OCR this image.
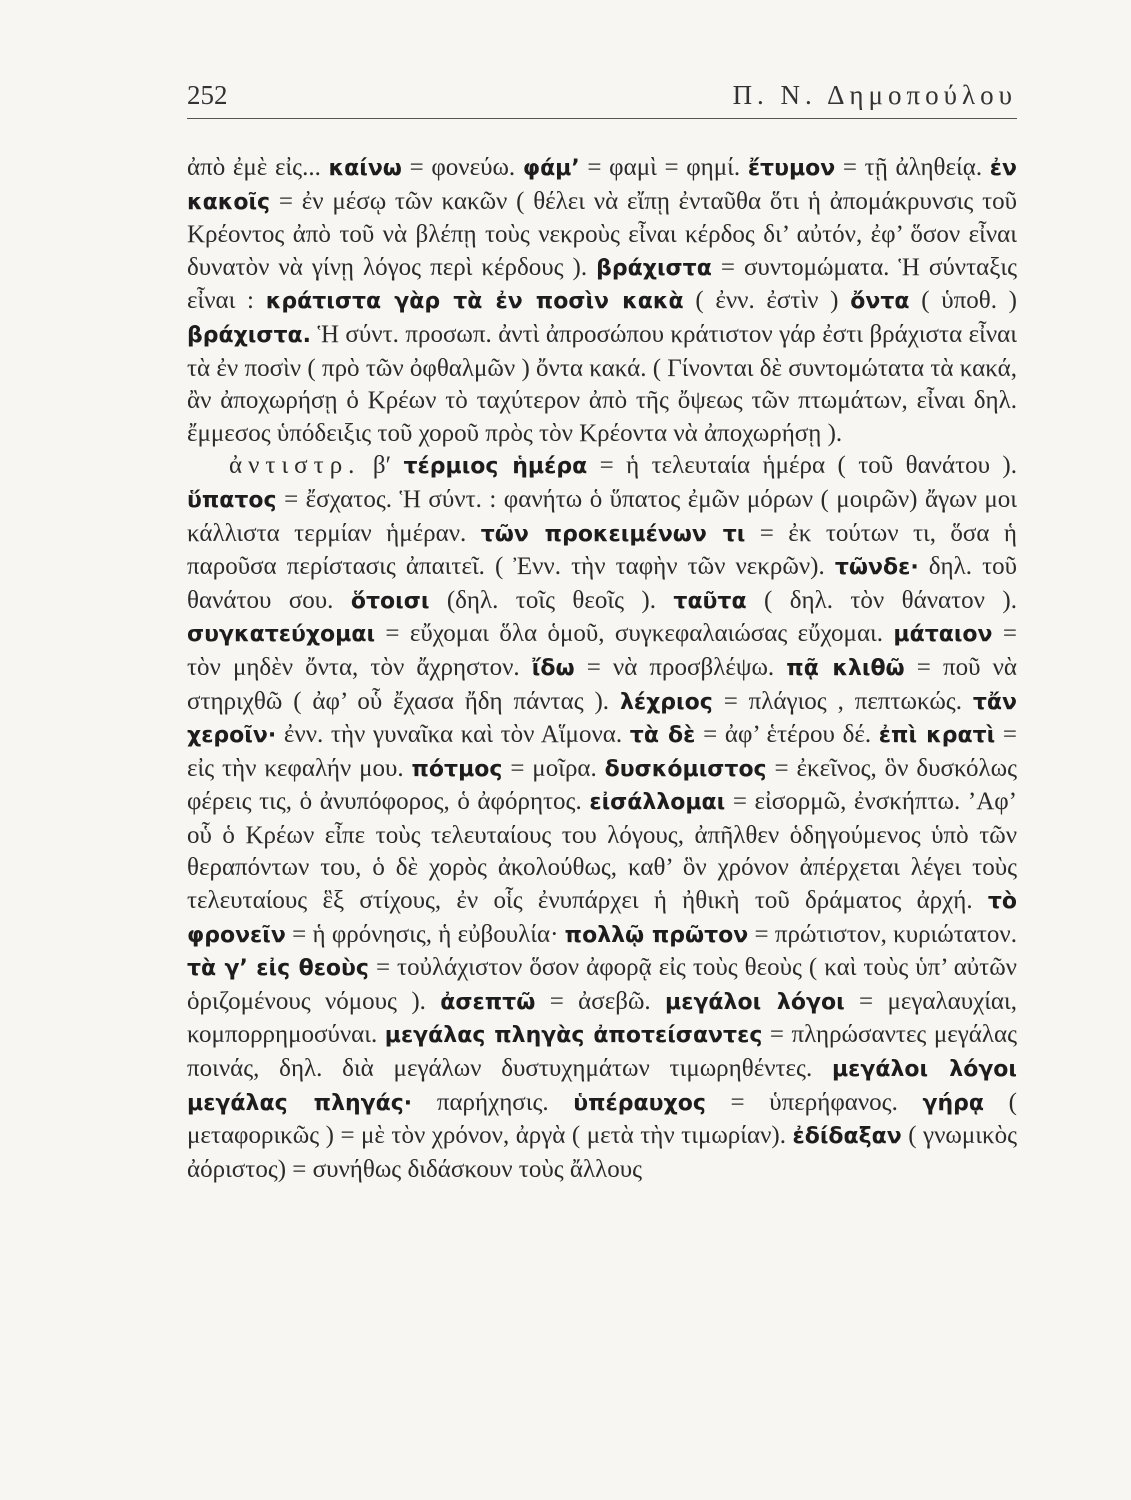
252	Π. Ν. Δημοπούλου

ἀπὸ ἐμὲ εἰς... καίνω = φονεύω. φάμ’ = φαμὶ = φημί. ἔτυμον = τῇ ἀληθείᾳ. ἐν κακοῖς = ἐν μέσῳ τῶν κακῶν ( θέλει νὰ εἴπῃ ἐνταῦθα ὅτι ἡ ἀπομάκρυνσις τοῦ Κρέοντος ἀπὸ τοῦ νὰ βλέπῃ τοὺς νεκροὺς εἶναι κέρδος δι’ αὐτόν, ἐφ’ ὅσον εἶναι δυνατὸν νὰ γίνῃ λόγος περὶ κέρδους ). βράχιστα = συντομώματα. Ἡ σύνταξις εἶναι : κράτιστα γὰρ τὰ ἐν ποσὶν κακὰ ( ἐνν. ἐστὶν ) ὄντα ( ὑποθ. ) βράχιστα. Ἡ σύντ. προσωπ. ἀντὶ ἀπροσώπου κράτιστον γάρ ἐστι βράχιστα εἶναι τὰ ἐν ποσὶν ( πρὸ τῶν ὀφθαλμῶν ) ὄντα κακά. ( Γίνονται δὲ συντομώτατα τὰ κακά, ἂν ἀποχωρήσῃ ὁ Κρέων τὸ ταχύτερον ἀπὸ τῆς ὄψεως τῶν πτωμάτων, εἶναι δηλ. ἔμμεσος ὑπόδειξις τοῦ χοροῦ πρὸς τὸν Κρέοντα νὰ ἀποχωρήσῃ ).

ἀντιστρ. β′ τέρμιος ἡμέρα = ἡ τελευταία ἡμέρα ( τοῦ θανάτου ). ὕπατος = ἔσχατος. Ἡ σύντ. : φανήτω ὁ ὕπατος ἐμῶν μόρων ( μοιρῶν) ἄγων μοι κάλλιστα τερμίαν ἡμέραν. τῶν προκειμένων τι = ἐκ τούτων τι, ὅσα ἡ παροῦσα περίστασις ἀπαιτεῖ. ( Ἐνν. τὴν ταφὴν τῶν νεκρῶν). τῶνδε· δηλ. τοῦ θανάτου σου. ὅτοισι (δηλ. τοῖς θεοῖς ). ταῦτα ( δηλ. τὸν θάνατον ). συγκατεύχομαι = εὔχομαι ὅλα ὁμοῦ, συγκεφαλαιώσας εὔχομαι. μάταιον = τὸν μηδὲν ὄντα, τὸν ἄχρηστον. ἴδω = νὰ προσβλέψω. πᾷ κλιθῶ = ποῦ νὰ στηριχθῶ ( ἀφ’ οὗ ἔχασα ἤδη πάντας ). λέχριος = πλάγιος , πεπτωκώς. τἄν χεροῖν· ἐνν. τὴν γυναῖκα καὶ τὸν Αἵμονα. τὰ δὲ = ἀφ’ ἑτέρου δέ. ἐπὶ κρατὶ = εἰς τὴν κεφαλήν μου. πότμος = μοῖρα. δυσκόμιστος = ἐκεῖνος, ὃν δυσκόλως φέρεις τις, ὁ ἀνυπόφορος, ὁ ἀφόρητος. εἰσάλλομαι = εἰσορμῶ, ἐνσκήπτω. ’Αφ’ οὗ ὁ Κρέων εἶπε τοὺς τελευταίους του λόγους, ἀπῆλθεν ὁδηγούμενος ὑπὸ τῶν θεραπόντων του, ὁ δὲ χορὸς ἀκολούθως, καθ’ ὃν χρόνον ἀπέρχεται λέγει τοὺς τελευταίους ἓξ στίχους, ἐν οἷς ἐνυπάρχει ἡ ἠθικὴ τοῦ δράματος ἀρχή. τὸ φρονεῖν = ἡ φρόνησις, ἡ εὐβουλία· πολλῷ πρῶτον = πρώτιστον, κυριώτατον. τὰ γ’ εἰς θεοὺς = τοὐλάχιστον ὅσον ἀφορᾷ εἰς τοὺς θεοὺς ( καὶ τοὺς ὑπ’ αὐτῶν ὁριζομένους νόμους ). ἀσεπτῶ = ἀσεβῶ. μεγάλοι λόγοι = μεγαλαυχίαι, κομπορρημοσύναι. μεγάλας πληγὰς ἀποτείσαντες = πληρώσαντες μεγάλας ποινάς, δηλ. διὰ μεγάλων δυστυχημάτων τιμωρηθέντες. μεγάλοι λόγοι μεγάλας πληγάς· παρήχησις. ὑπέραυχος = ὑπερήφανος. γήρᾳ ( μεταφορικῶς ) = μὲ τὸν χρόνον, ἀργὰ ( μετὰ τὴν τιμωρίαν). ἐδίδαξαν ( γνωμικὸς ἀόριστος) = συνήθως διδάσκουν τοὺς ἄλλους
